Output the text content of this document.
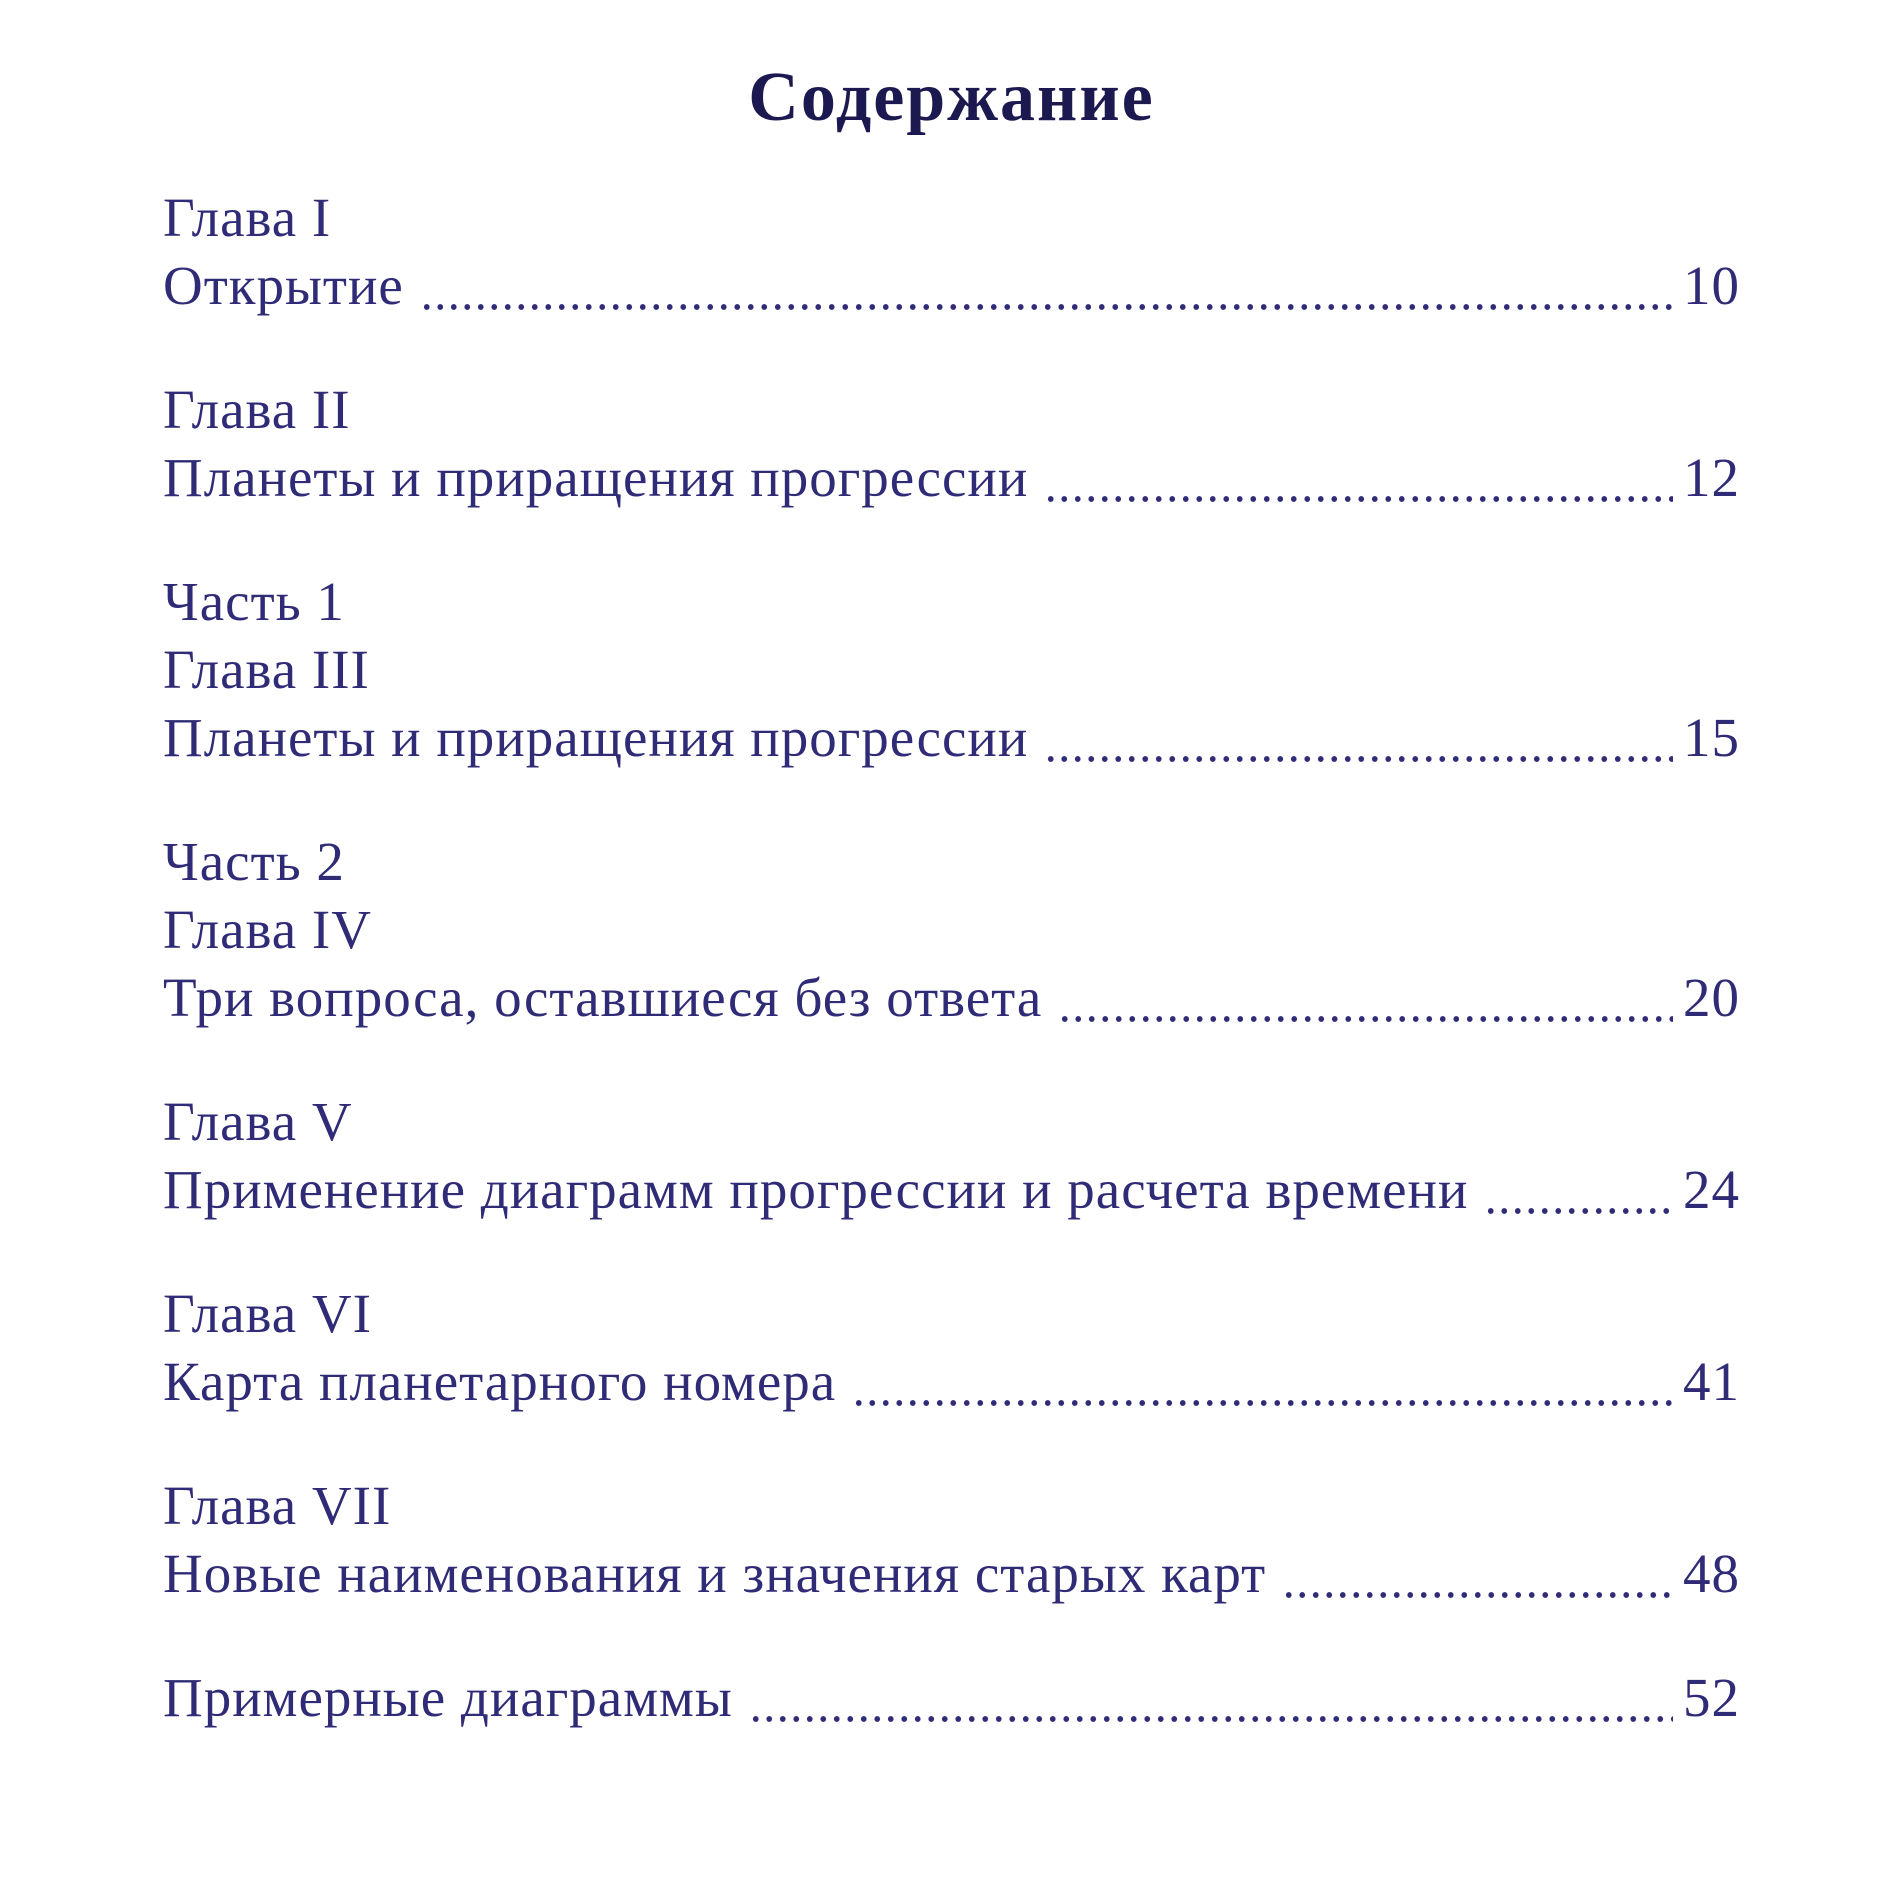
Содержание
Глава I
Открытие	10
Глава II
Планеты и приращения прогрессии	12
Часть 1
Глава III
Планеты и приращения прогрессии	15
Часть 2
Глава IV
Три вопроса, оставшиеся без ответа	20
Глава V
Применение диаграмм прогрессии и расчета времени	24
Глава VI
Карта планетарного номера	41
Глава VII
Новые наименования и значения старых карт	48
Примерные диаграммы	52
